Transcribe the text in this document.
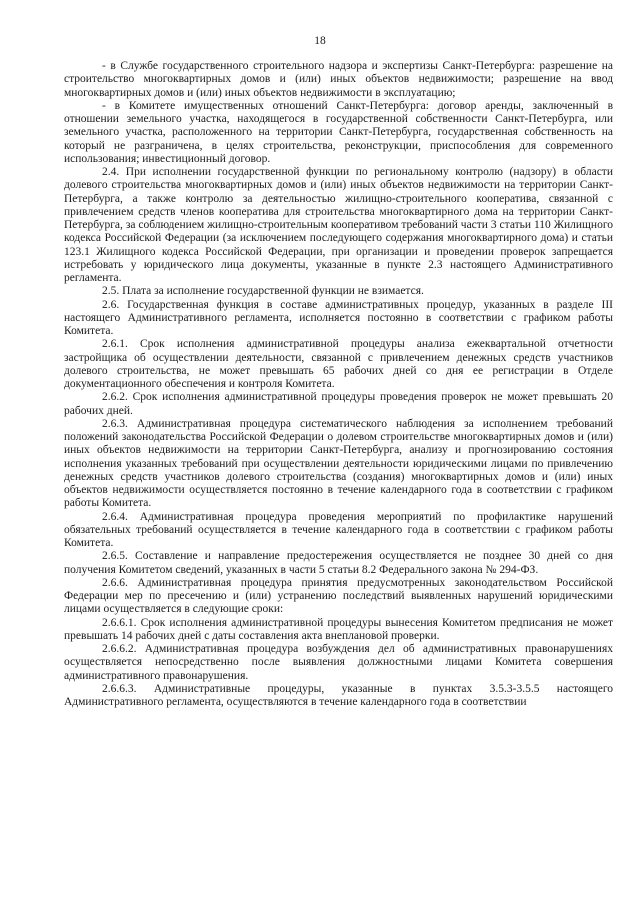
18

- в Службе государственного строительного надзора и экспертизы Санкт-Петербурга: разрешение на строительство многоквартирных домов и (или) иных объектов недвижимости; разрешение на ввод многоквартирных домов и (или) иных объектов недвижимости в эксплуатацию;

- в Комитете имущественных отношений Санкт-Петербурга: договор аренды, заключенный в отношении земельного участка, находящегося в государственной собственности Санкт-Петербурга, или земельного участка, расположенного на территории Санкт-Петербурга, государственная собственность на который не разграничена, в целях строительства, реконструкции, приспособления для современного использования; инвестиционный договор.

2.4. При исполнении государственной функции по региональному контролю (надзору) в области долевого строительства многоквартирных домов и (или) иных объектов недвижимости на территории Санкт-Петербурга, а также контролю за деятельностью жилищно-строительного кооператива, связанной с привлечением средств членов кооператива для строительства многоквартирного дома на территории Санкт-Петербурга, за соблюдением жилищно-строительным кооперативом требований части 3 статьи 110 Жилищного кодекса Российской Федерации (за исключением последующего содержания многоквартирного дома) и статьи 123.1 Жилищного кодекса Российской Федерации, при организации и проведении проверок запрещается истребовать у юридического лица документы, указанные в пункте 2.3 настоящего Административного регламента.

2.5. Плата за исполнение государственной функции не взимается.

2.6. Государственная функция в составе административных процедур, указанных в разделе III настоящего Административного регламента, исполняется постоянно в соответствии с графиком работы Комитета.

2.6.1. Срок исполнения административной процедуры анализа ежеквартальной отчетности застройщика об осуществлении деятельности, связанной с привлечением денежных средств участников долевого строительства, не может превышать 65 рабочих дней со дня ее регистрации в Отделе документационного обеспечения и контроля Комитета.

2.6.2. Срок исполнения административной процедуры проведения проверок не может превышать 20 рабочих дней.

2.6.3. Административная процедура систематического наблюдения за исполнением требований положений законодательства Российской Федерации о долевом строительстве многоквартирных домов и (или) иных объектов недвижимости на территории Санкт-Петербурга, анализу и прогнозированию состояния исполнения указанных требований при осуществлении деятельности юридическими лицами по привлечению денежных средств участников долевого строительства (создания) многоквартирных домов и (или) иных объектов недвижимости осуществляется постоянно в течение календарного года в соответствии с графиком работы Комитета.

2.6.4. Административная процедура проведения мероприятий по профилактике нарушений обязательных требований осуществляется в течение календарного года в соответствии с графиком работы Комитета.

2.6.5. Составление и направление предостережения осуществляется не позднее 30 дней со дня получения Комитетом сведений, указанных в части 5 статьи 8.2 Федерального закона № 294-ФЗ.

2.6.6. Административная процедура принятия предусмотренных законодательством Российской Федерации мер по пресечению и (или) устранению последствий выявленных нарушений юридическими лицами осуществляется в следующие сроки:

2.6.6.1. Срок исполнения административной процедуры вынесения Комитетом предписания не может превышать 14 рабочих дней с даты составления акта внеплановой проверки.

2.6.6.2. Административная процедура возбуждения дел об административных правонарушениях осуществляется непосредственно после выявления должностными лицами Комитета совершения административного правонарушения.

2.6.6.3. Административные процедуры, указанные в пунктах 3.5.3-3.5.5 настоящего Административного регламента, осуществляются в течение календарного года в соответствии
